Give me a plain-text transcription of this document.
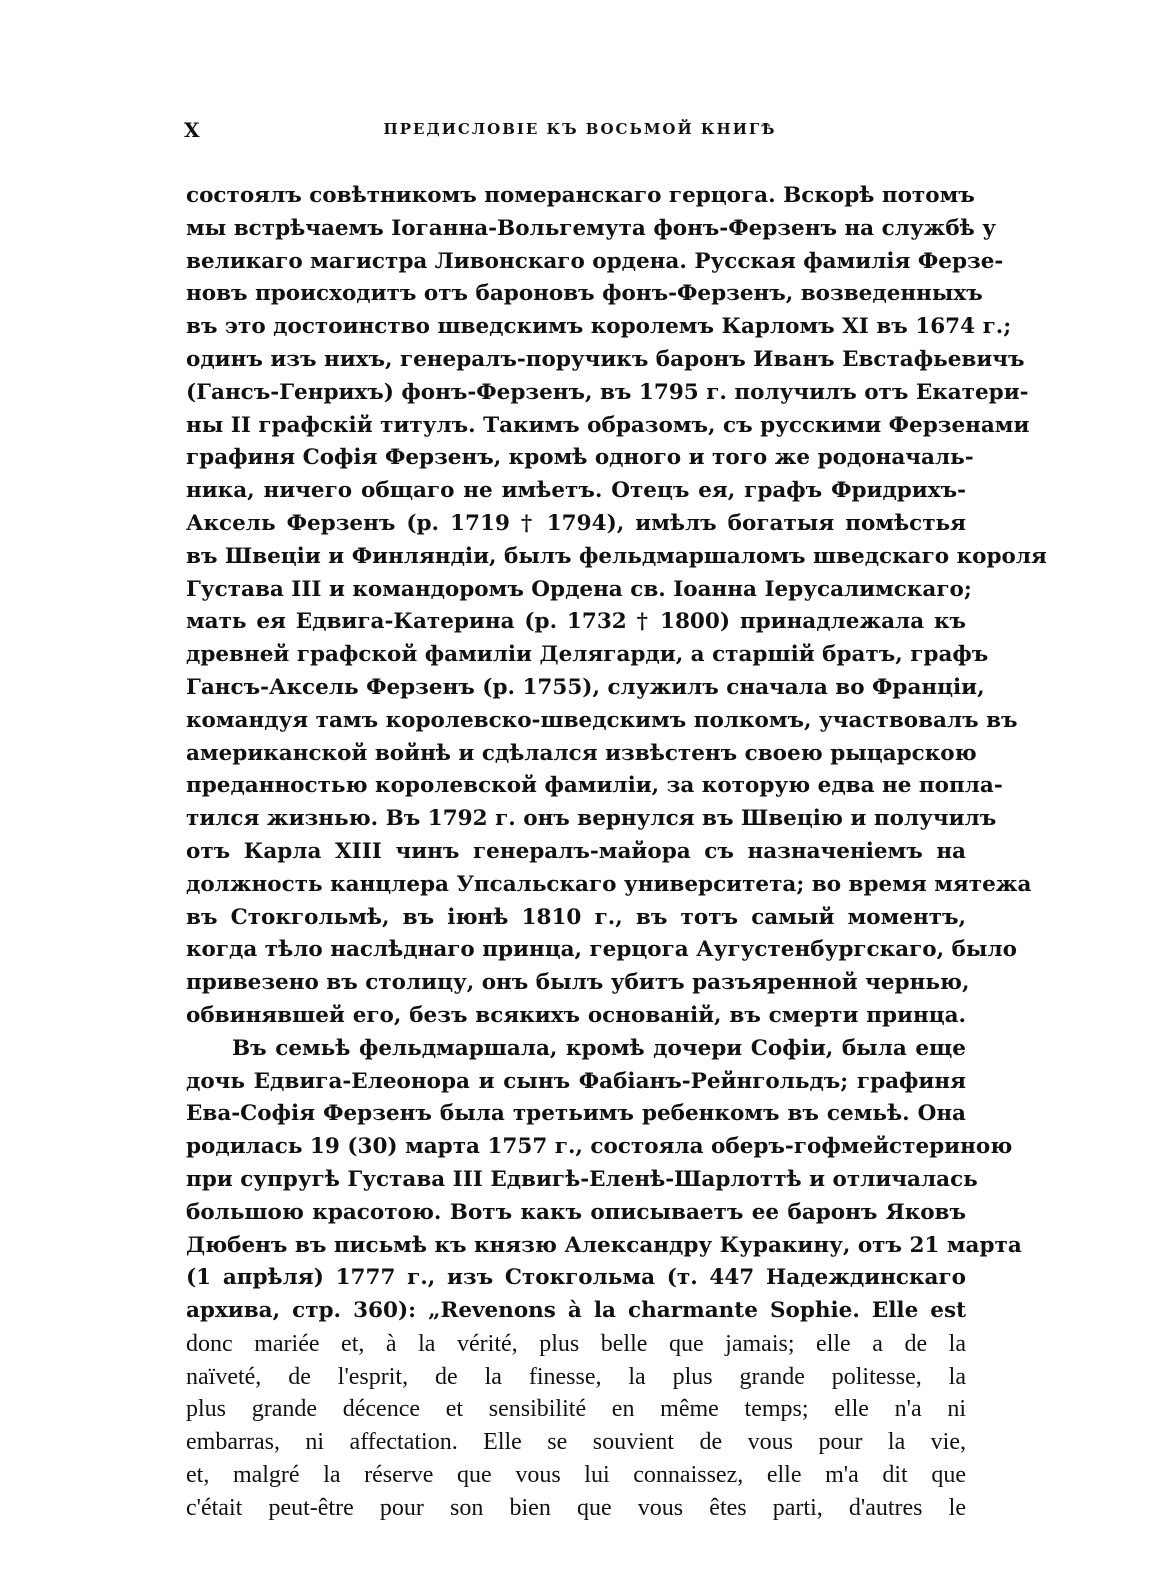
X	ПРЕДИСЛОВІЕ КЪ ВОСЬМОЙ КНИГѢ
состоялъ совѣтникомъ померанскаго герцога. Вскорѣ потомъ
мы встрѣчаемъ Іоганна-Вольгемута фонъ-Ферзенъ на службѣ у
великаго магистра Ливонскаго ордена. Русская фамилія Ферзе-
новъ происходитъ отъ бароновъ фонъ-Ферзенъ, возведенныхъ
въ это достоинство шведскимъ королемъ Карломъ XI въ 1674 г.;
одинъ изъ нихъ, генералъ-поручикъ баронъ Иванъ Евстафьевичъ
(Гансъ-Генрихъ) фонъ-Ферзенъ, въ 1795 г. получилъ отъ Екатери-
ны II графскій титулъ. Такимъ образомъ, съ русскими Ферзенами
графиня Софія Ферзенъ, кромѣ одного и того же родоначаль-
ника, ничего общаго не имѣетъ. Отецъ ея, графъ Фридрихъ-
Аксель Ферзенъ (р. 1719 † 1794), имѣлъ богатыя помѣстья
въ Швеціи и Финляндіи, былъ фельдмаршаломъ шведскаго короля
Густава III и командоромъ Ордена св. Іоанна Іерусалимскаго;
мать ея Едвига-Катерина (р. 1732 † 1800) принадлежала къ
древней графской фамиліи Делягарди, а старшій братъ, графъ
Гансъ-Аксель Ферзенъ (р. 1755), служилъ сначала во Франціи,
командуя тамъ королевско-шведскимъ полкомъ, участвовалъ въ
американской войнѣ и сдѣлался извѣстенъ своею рыцарскою
преданностью королевской фамиліи, за которую едва не попла-
тился жизнью. Въ 1792 г. онъ вернулся въ Швецію и получилъ
отъ Карла XIII чинъ генералъ-майора съ назначеніемъ на
должность канцлера Упсальскаго университета; во время мятежа
въ Стокгольмѣ, въ іюнѣ 1810 г., въ тотъ самый моментъ,
когда тѣло наслѣднаго принца, герцога Аугустенбургскаго, было
привезено въ столицу, онъ былъ убитъ разъяренной чернью,
обвинявшей его, безъ всякихъ основаній, въ смерти принца.
Въ семьѣ фельдмаршала, кромѣ дочери Софіи, была еще
дочь Едвига-Елеонора и сынъ Фабіанъ-Рейнгольдъ; графиня
Ева-Софія Ферзенъ была третьимъ ребенкомъ въ семьѣ. Она
родилась 19 (30) марта 1757 г., состояла оберъ-гофмейстериною
при супругѣ Густава III Едвигѣ-Еленѣ-Шарлоттѣ и отличалась
большою красотою. Вотъ какъ описываетъ ее баронъ Яковъ
Дюбенъ въ письмѣ къ князю Александру Куракину, отъ 21 марта
(1 апрѣля) 1777 г., изъ Стокгольма (т. 447 Надеждинскаго
архива, стр. 360): „Revenons à la charmante Sophie. Elle est
donc mariée et, à la vérité, plus belle que jamais; elle a de la
naïveté, de l'esprit, de la finesse, la plus grande politesse, la
plus grande décence et sensibilité en même temps; elle n'a ni
embarras, ni affectation. Elle se souvient de vous pour la vie,
et, malgré la réserve que vous lui connaissez, elle m'a dit que
c'était peut-être pour son bien que vous êtes parti, d'autres le
